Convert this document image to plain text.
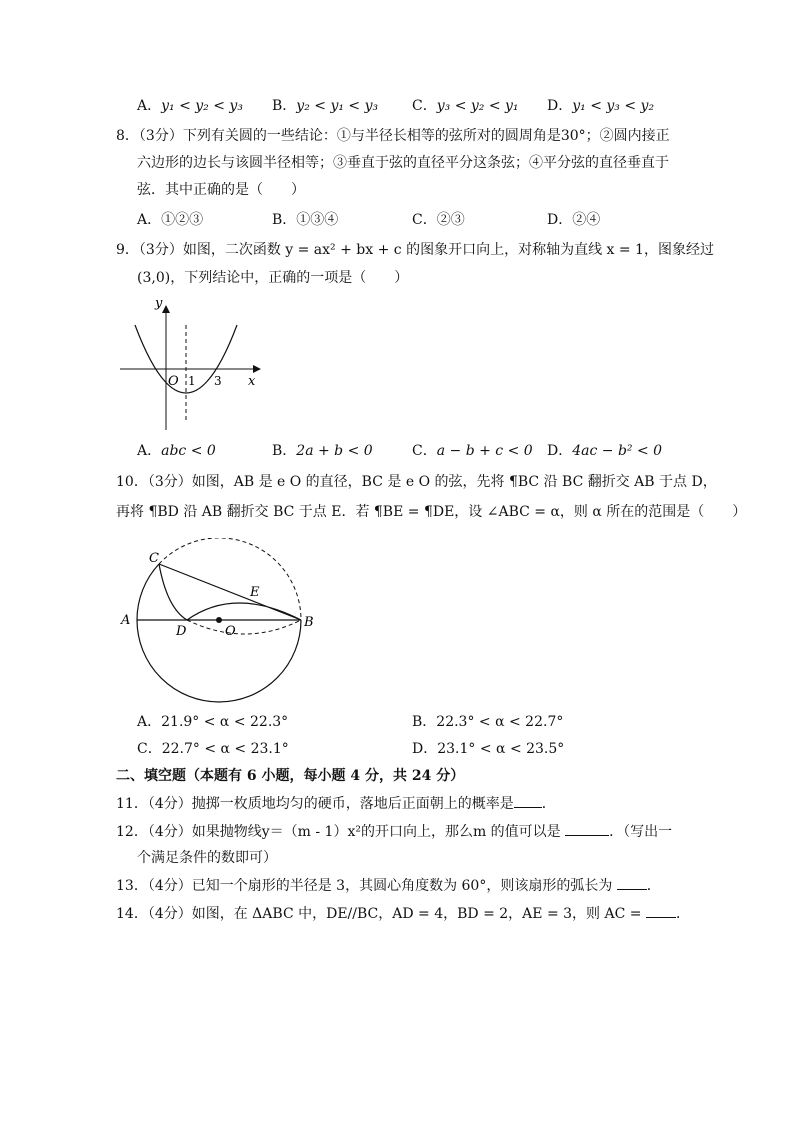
A．y₁ < y₂ < y₃ B．y₂ < y₁ < y₃ C．y₃ < y₂ < y₁ D．y₁ < y₃ < y₂
8．（3分）下列有关圆的一些结论：①与半径长相等的弦所对的圆周角是30°；②圆内接正
六边形的边长与该圆半径相等；③垂直于弦的直径平分这条弦；④平分弦的直径垂直于
弦．其中正确的是（　　）
A．①②③	B．①③④	C．②③	D．②④
9．（3分）如图，二次函数 y = ax² + bx + c 的图象开口向上，对称轴为直线 x = 1，图象经过
(3,0)，下列结论中，正确的一项是（　　）
y
x
O 1 3
A．abc < 0	B．2a + b < 0	C．a − b + c < 0 D．4ac − b² < 0
10．（3分）如图，AB 是 e O 的直径，BC 是 e O 的弦，先将 ¶BC 沿 BC 翻折交 AB 于点 D，
再将 ¶BD 沿 AB 翻折交 BC 于点 E．若 ¶BE = ¶DE，设 ∠ABC = α，则 α 所在的范围是（　　）
A	B
C
D
E
O
A．21.9° < α < 22.3°	B．22.3° < α < 22.7°
C．22.7° < α < 23.1°	D．23.1° < α < 23.5°
二、填空题（本题有 6 小题，每小题 4 分，共 24 分）
11．（4分）抛掷一枚质地均匀的硬币，落地后正面朝上的概率是 ．
12．（4分）如果抛物线y＝（m - 1）x²的开口向上，那么m 的值可以是	．（写出一
个满足条件的数即可）
13．（4分）已知一个扇形的半径是 3，其圆心角度数为 60°，则该扇形的弧长为 ．
14．（4分）如图，在 ΔABC 中，DE//BC，AD = 4，BD = 2，AE = 3，则 AC = ．
